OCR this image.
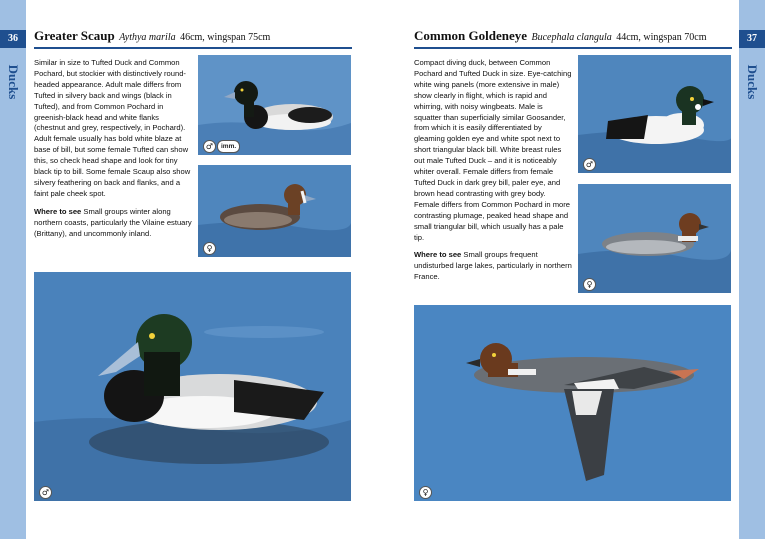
36
Ducks
37
Ducks
Greater Scaup Aythya marila 46cm, wingspan 75cm	Common Goldeneye Bucephala clangula 44cm, wingspan 70cm

Similar in size to Tufted Duck and Common Pochard, but stockier with distinctively round-headed appearance. Adult male differs from Tufted in silvery back and wings (black in Tufted), and from Common Pochard in greenish-black head and white flanks (chestnut and grey, respectively, in Pochard). Adult female usually has bold white blaze at base of bill, but some female Tufted can show this, so check head shape and look for tiny black tip to bill. Some female Scaup also show silvery feathering on back and flanks, and a faint pale cheek spot.

Where to see Small groups winter along northern coasts, particularly the Vilaine estuary (Brittany), and uncommonly inland.

Compact diving duck, between Common Pochard and Tufted Duck in size. Eye-catching white wing panels (more extensive in male) show clearly in flight, which is rapid and whirring, with noisy wingbeats. Male is squatter than superficially similar Goosander, from which it is easily differentiated by gleaming golden eye and white spot next to short triangular black bill. White breast rules out male Tufted Duck – and it is noticeably whiter overall. Female differs from female Tufted Duck in dark grey bill, paler eye, and brown head contrasting with grey body. Female differs from Common Pochard in more contrasting plumage, peaked head shape and small triangular bill, which usually has a pale tip.

Where to see Small groups frequent undisturbed large lakes, particularly in northern France.

♂	imm.
♀
♂
♂
♀
♀
